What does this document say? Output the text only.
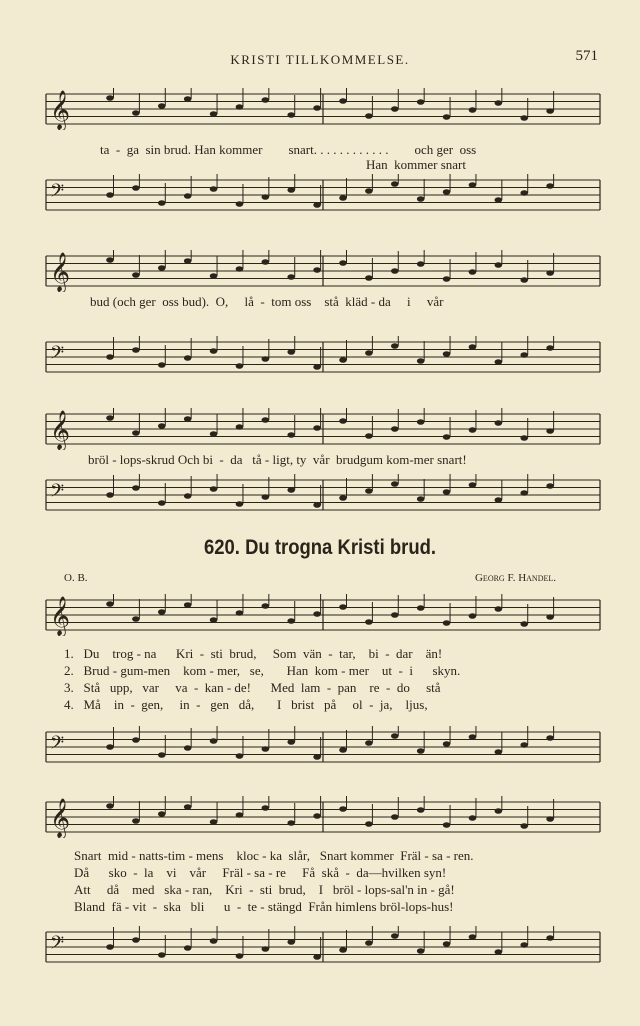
KRISTI TILLKOMMELSE.	571
𝄞
ta  -  ga  sin brud. Han kommer        snart. . . . . . . . . . . .        och ger  oss
Han  kommer snart
𝄢
𝄞
bud (och ger  oss bud).  O,     lå  -  tom oss    stå  kläd - da     i     vår
𝄢
𝄞
bröl - lops-skrud Och bi  -  da   tå - ligt, ty  vår  brudgum kom-mer snart!
𝄢
620. Du trogna Kristi brud.
O. B.	Georg F. Handel.
𝄞
1.   Du    trog - na      Kri  -  sti  brud,     Som  vän  -  tar,    bi  -  dar    än!
2.   Brud - gum-men    kom - mer,   se,       Han  kom - mer    ut  -  i      skyn.
3.   Stå   upp,   var     va  -  kan - de!      Med  lam  -  pan    re  -  do     stå
4.   Må    in  -  gen,     in  -   gen   då,       I   brist   på     ol  -  ja,    ljus,
𝄢
𝄞
Snart  mid - natts-tim - mens    kloc - ka  slår,   Snart kommer  Fräl - sa - ren.
Då      sko  -  la    vi    vår     Fräl - sa - re     Få  skå  -  da—hvilken syn!
Att     då    med   ska - ran,    Kri  -  sti  brud,    I   bröl - lops-sal'n in - gå!
Bland  fä - vit  -  ska   bli      u  -  te - stängd  Från himlens bröl-lops-hus!
𝄢
